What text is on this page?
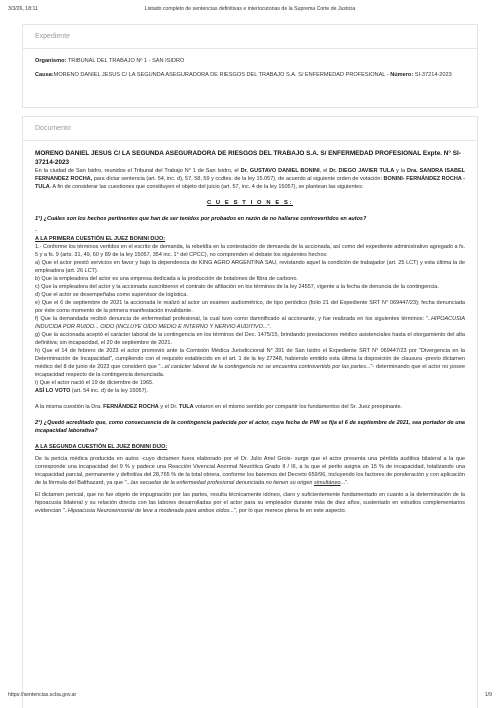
3/3/26, 18:11	Listado completo de sentencias definitivas e interlocutorias de la Suprema Corte de Justicia
Expediente
Organismo: TRIBUNAL DEL TRABAJO Nº 1 - SAN ISIDRO
Causa:MORENO DANIEL JESUS C/ LA SEGUNDA ASEGURADORA DE RIESGOS DEL TRABAJO S.A. S/ ENFERMEDAD PROFESIONAL - Número: SI-37214-2023
Documento
MORENO DANIEL JESUS C/ LA SEGUNDA ASEGURADORA DE RIESGOS DEL TRABAJO S.A. S/ ENFERMEDAD PROFESIONAL Expte. N° SI-37214-2023

En la ciudad de San Isidro, reunidos el Tribunal del Trabajo N° 1 de San Isidro, el Dr. GUSTAVO DANIEL BONINI, el Dr. DIEGO JAVIER TULA y la Dra. SANDRA ISABEL FERNANDEZ ROCHA, para dictar sentencia (art. 54, inc. d), 57, 58, 59 y ccdtes. de la ley 15.057), de acuerdo al siguiente orden de votación: BONINI- FERNÁNDEZ ROCHA - TULA. A fin de considerar las cuestiones que constituyen el objeto del juicio (art. 57, inc. 4 de la ley 15057), se plantean las siguientes:

C U E S T I O N E S:

1°) ¿Cuáles son los hechos pertinentes que han de ser tenidos por probados en razón de no hallarse controvertidos en autos?

-

A LA PRIMERA CUESTIÓN EL JUEZ BONINI DIJO:

1.- Conforme los términos vertidos en el escrito de demanda, la rebeldía en la contestación de demanda de la accionada, así como del expediente administrativo agregado a fs. 5 y a fs. 9 (arts. 31, 49, 60 y 89 de la ley 15057, 354 inc. 1° del CPCC), no comprenden el debate los siguientes hechos:

a) Que el actor prestó servicios en favor y bajo la dependencia de KING AGRO ARGENTINA SAU, revistando aquel la condición de trabajador (art. 25 LCT) y esta última la de empleadora (art. 26 LCT).

b) Que la empleadora del actor es una empresa dedicada a la producción de botalones de fibra de carbono.

c) Que la empleadora del actor y la accionada suscribieron el contrato de afiliación en los términos de la ley 24557, vigente a la fecha de denuncia de la contingencia.

d) Que el actor se desempeñaba como supervisor de logística.

e) Que el 6 de septiembre de 2021 la accionada le realizó al actor un examen audiométrico, de tipo periódico (folio 21 del Expediente SRT N° 069447/23); fecha denunciada por éste como momento de la primera manifestación invalidante.

f) Que la demandada recibió denuncia de enfermedad profesional, la cual tuvo como damnificado al accionante, y fue realizada en los siguientes términos: "..HIPOACUSIA INDUCIDA POR RUIDO... OIDO (INCLUYE OIDO MEDIO E INTERNO Y NERVIO AUDITIVO...".

g) Que la accionada aceptó el carácter laboral de la contingencia en los términos del Dec. 1475/15, brindando prestaciones médico asistenciales hasta el otorgamiento del alta definitiva; sin incapacidad, el 20 de septiembre de 2021.

h) Que el 14 de febrero de 2023 el actor promovió ante la Comisión Médica Jurisdiccional N° 391 de San Isidro el Expediente SRT N° 069447/23 por "Divergencia en la Determinación de Incapacidad", cumpliendo con el requisito establecido en el art. 1 de la ley 27348, habiendo emitido esta última la disposición de clausura -previo dictamen médico del 8 de junio de 2023 que consideró que "...el carácter laboral de la contingencia no se encuentra controvertido por las partes..."- determinando que el actor no posee incapacidad respecto de la contingencia denunciada.

i) Que el actor nació el 19 de diciembre de 1965.

ASÍ LO VOTO (art. 54 inc. d) de la ley 15057).

A la misma cuestión la Dra. FERNÁNDEZ ROCHA y el Dr. TULA votaron en el mismo sentido por compartir los fundamentos del Sr. Juez preopinante.

2°) ¿Quedó acreditado que, como consecuencia de la contingencia padecida por el actor, cuya fecha de PMI se fija el 6 de septiembre de 2021, sea portador de una incapacidad laborativa?

A LA SEGUNDA CUESTIÓN EL JUEZ BONINI DIJO:

De la pericia médica producida en autos -cuyo dictamen fuera elaborado por el Dr. Julio Ariel Grois- surge que el actor presenta una pérdida auditiva bilateral a la que corresponde una incapacidad del 9 % y padece una Reacción Vivencial Anormal Neurótica Grado II / III, a la que el perito asigna un 15 % de incapacidad, totalizando una incapacidad parcial, permanente y definitiva del 28,765 % de la total obrera, conforme los baremos del Decreto 659/96, incluyendo los factores de ponderación y con aplicación de la fórmula del Balthazard, ya que "...las secuelas de la enfermedad profesional denunciada no tienen su origen simultáneo...".

El dictamen pericial, que no fue objeto de impugnación por las partes, resulta técnicamente idóneo, claro y suficientemente fundamentado en cuanto a la determinación de la hipoacusia bilateral y su relación directa con las labores desarrolladas por el actor para su empleador durante más de diez años, sustentado en estudios complementarios evidencian "..Hipoacusia Neurosensorial de leve a moderada para ambos oídos...", por lo que merece plena fe en este aspecto.

https://sentencias.scba.gov.ar	1/9
